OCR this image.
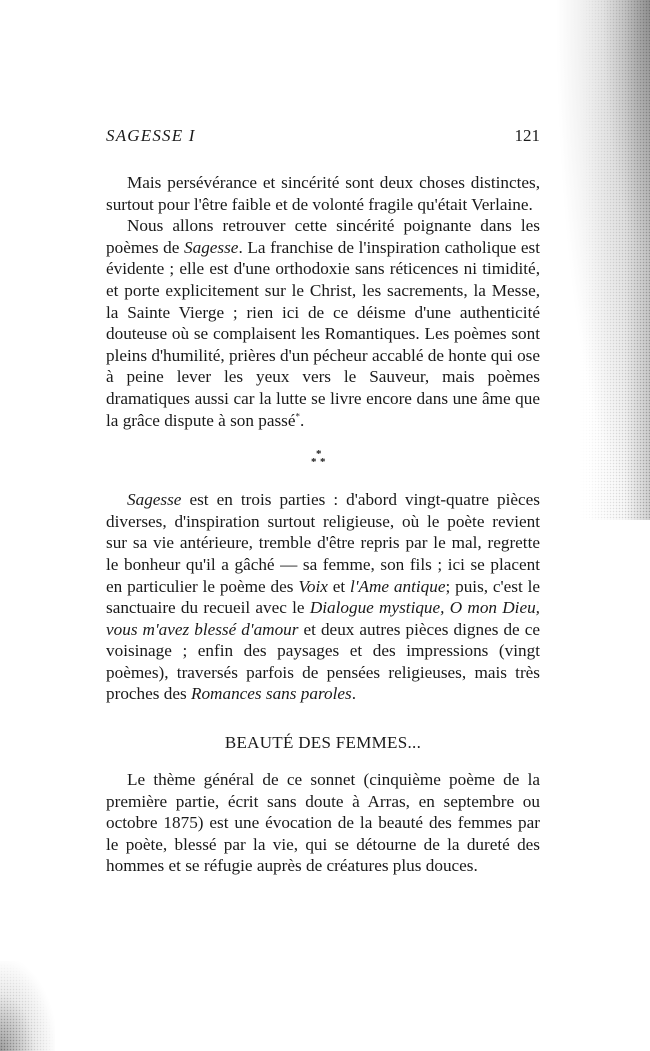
SAGESSE I	121

Mais persévérance et sincérité sont deux choses distinctes, surtout pour l'être faible et de volonté fragile qu'était Verlaine.

Nous allons retrouver cette sincérité poignante dans les poèmes de Sagesse. La franchise de l'inspiration catholique est évidente ; elle est d'une orthodoxie sans réticences ni timidité, et porte explicitement sur le Christ, les sacrements, la Messe, la Sainte Vierge ; rien ici de ce déisme d'une authenticité douteuse où se complaisent les Romantiques. Les poèmes sont pleins d'humilité, prières d'un pécheur accablé de honte qui ose à peine lever les yeux vers le Sauveur, mais poèmes dramatiques aussi car la lutte se livre encore dans une âme que la grâce dispute à son passé*.

*
* *

Sagesse est en trois parties : d'abord vingt-quatre pièces diverses, d'inspiration surtout religieuse, où le poète revient sur sa vie antérieure, tremble d'être repris par le mal, regrette le bonheur qu'il a gâché — sa femme, son fils ; ici se placent en particulier le poème des Voix et l'Ame antique; puis, c'est le sanctuaire du recueil avec le Dialogue mystique, O mon Dieu, vous m'avez blessé d'amour et deux autres pièces dignes de ce voisinage ; enfin des paysages et des impressions (vingt poèmes), traversés parfois de pensées religieuses, mais très proches des Romances sans paroles.

BEAUTÉ DES FEMMES...

Le thème général de ce sonnet (cinquième poème de la première partie, écrit sans doute à Arras, en septembre ou octobre 1875) est une évocation de la beauté des femmes par le poète, blessé par la vie, qui se détourne de la dureté des hommes et se réfugie auprès de créatures plus douces.
